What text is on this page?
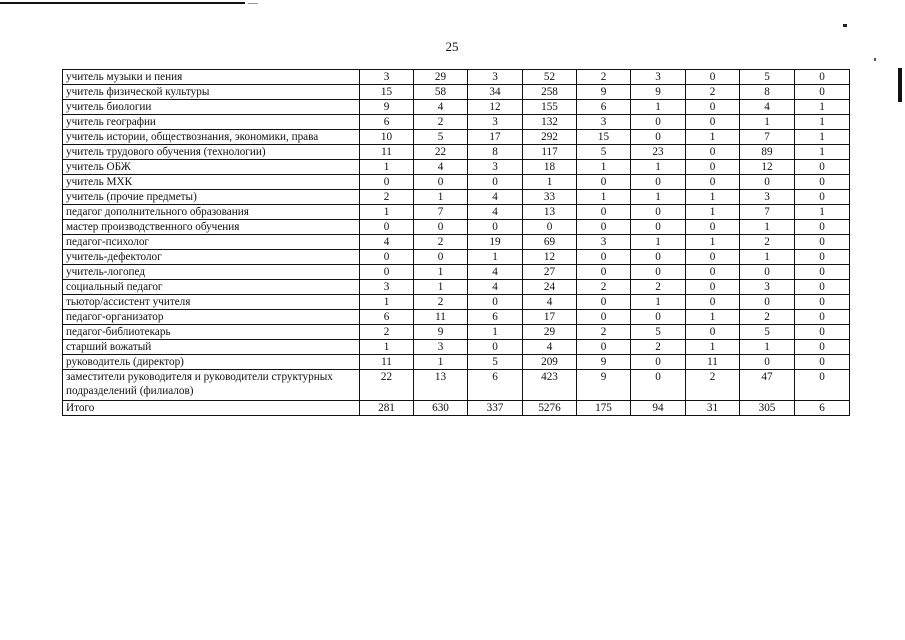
25
учитель музыки и пения	3	29	3	52	2	3	0	5	0
учитель физической культуры	15	58	34	258	9	9	2	8	0
учитель биологии	9	4	12	155	6	1	0	4	1
учитель географии	6	2	3	132	3	0	0	1	1
учитель истории, обществознания, экономики, права	10	5	17	292	15	0	1	7	1
учитель трудового обучения (технологии)	11	22	8	117	5	23	0	89	1
учитель ОБЖ	1	4	3	18	1	1	0	12	0
учитель МХК	0	0	0	1	0	0	0	0	0
учитель (прочие предметы)	2	1	4	33	1	1	1	3	0
педагог дополнительного образования	1	7	4	13	0	0	1	7	1
мастер производственного обучения	0	0	0	0	0	0	0	1	0
педагог-психолог	4	2	19	69	3	1	1	2	0
учитель-дефектолог	0	0	1	12	0	0	0	1	0
учитель-логопед	0	1	4	27	0	0	0	0	0
социальный педагог	3	1	4	24	2	2	0	3	0
тьютор/ассистент учителя	1	2	0	4	0	1	0	0	0
педагог-организатор	6	11	6	17	0	0	1	2	0
педагог-библиотекарь	2	9	1	29	2	5	0	5	0
старший вожатый	1	3	0	4	0	2	1	1	0
руководитель (директор)	11	1	5	209	9	0	11	0	0
заместители руководителя и руководители структурных подразделений (филиалов)	22	13	6	423	9	0	2	47	0
Итого	281	630	337	5276	175	94	31	305	6
